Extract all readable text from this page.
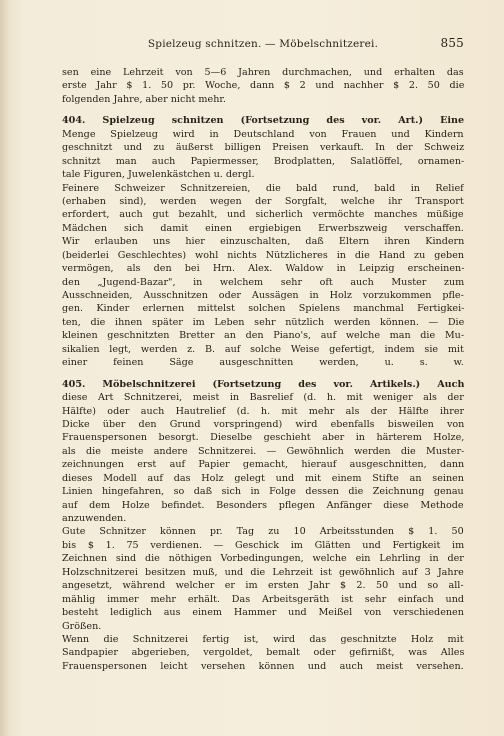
Spielzeug schnitzen. — Möbelschnitzerei.	855
sen eine Lehrzeit von 5—6 Jahren durchmachen, und erhalten das
erste Jahr $ 1. 50 pr. Woche, dann $ 2 und nachher $ 2. 50 die
folgenden Jahre, aber nicht mehr.
404. Spielzeug schnitzen (Fortsetzung des vor. Art.) Eine
Menge Spielzeug wird in Deutschland von Frauen und Kindern
geschnitzt und zu äußerst billigen Preisen verkauft. In der Schweiz
schnitzt man auch Papiermesser, Brodplatten, Salatlöffel, ornamen-
tale Figuren, Juwelenkästchen u. dergl.
Feinere Schweizer Schnitzereien, die bald rund, bald in Relief
(erhaben sind), werden wegen der Sorgfalt, welche ihr Transport
erfordert, auch gut bezahlt, und sicherlich vermöchte manches müßige
Mädchen sich damit einen ergiebigen Erwerbszweig verschaffen.
Wir erlauben uns hier einzuschalten, daß Eltern ihren Kindern
(beiderlei Geschlechtes) wohl nichts Nützlicheres in die Hand zu geben
vermögen, als den bei Hrn. Alex. Waldow in Leipzig erscheinen-
den „Jugend-Bazar", in welchem sehr oft auch Muster zum
Ausschneiden, Ausschnitzen oder Aussägen in Holz vorzukommen pfle-
gen. Kinder erlernen mittelst solchen Spielens manchmal Fertigkei-
ten, die ihnen später im Leben sehr nützlich werden können. — Die
kleinen geschnitzten Bretter an den Piano's, auf welche man die Mu-
sikalien legt, werden z. B. auf solche Weise gefertigt, indem sie mit
einer feinen Säge ausgeschnitten werden, u. s. w.
405. Möbelschnitzerei (Fortsetzung des vor. Artikels.) Auch
diese Art Schnitzerei, meist in Basrelief (d. h. mit weniger als der
Hälfte) oder auch Hautrelief (d. h. mit mehr als der Hälfte ihrer
Dicke über den Grund vorspringend) wird ebenfalls bisweilen von
Frauenspersonen besorgt. Dieselbe geschieht aber in härterem Holze,
als die meiste andere Schnitzerei. — Gewöhnlich werden die Muster-
zeichnungen erst auf Papier gemacht, hierauf ausgeschnitten, dann
dieses Modell auf das Holz gelegt und mit einem Stifte an seinen
Linien hingefahren, so daß sich in Folge dessen die Zeichnung genau
auf dem Holze befindet. Besonders pflegen Anfänger diese Methode
anzuwenden.
Gute Schnitzer können pr. Tag zu 10 Arbeitsstunden $ 1. 50
bis $ 1. 75 verdienen. — Geschick im Glätten und Fertigkeit im
Zeichnen sind die nöthigen Vorbedingungen, welche ein Lehrling in der
Holzschnitzerei besitzen muß, und die Lehrzeit ist gewöhnlich auf 3 Jahre
angesetzt, während welcher er im ersten Jahr $ 2. 50 und so all-
mählig immer mehr erhält. Das Arbeitsgeräth ist sehr einfach und
besteht lediglich aus einem Hammer und Meißel von verschiedenen
Größen.
Wenn die Schnitzerei fertig ist, wird das geschnitzte Holz mit
Sandpapier abgerieben, vergoldet, bemalt oder gefirnißt, was Alles
Frauenspersonen leicht versehen können und auch meist versehen.
